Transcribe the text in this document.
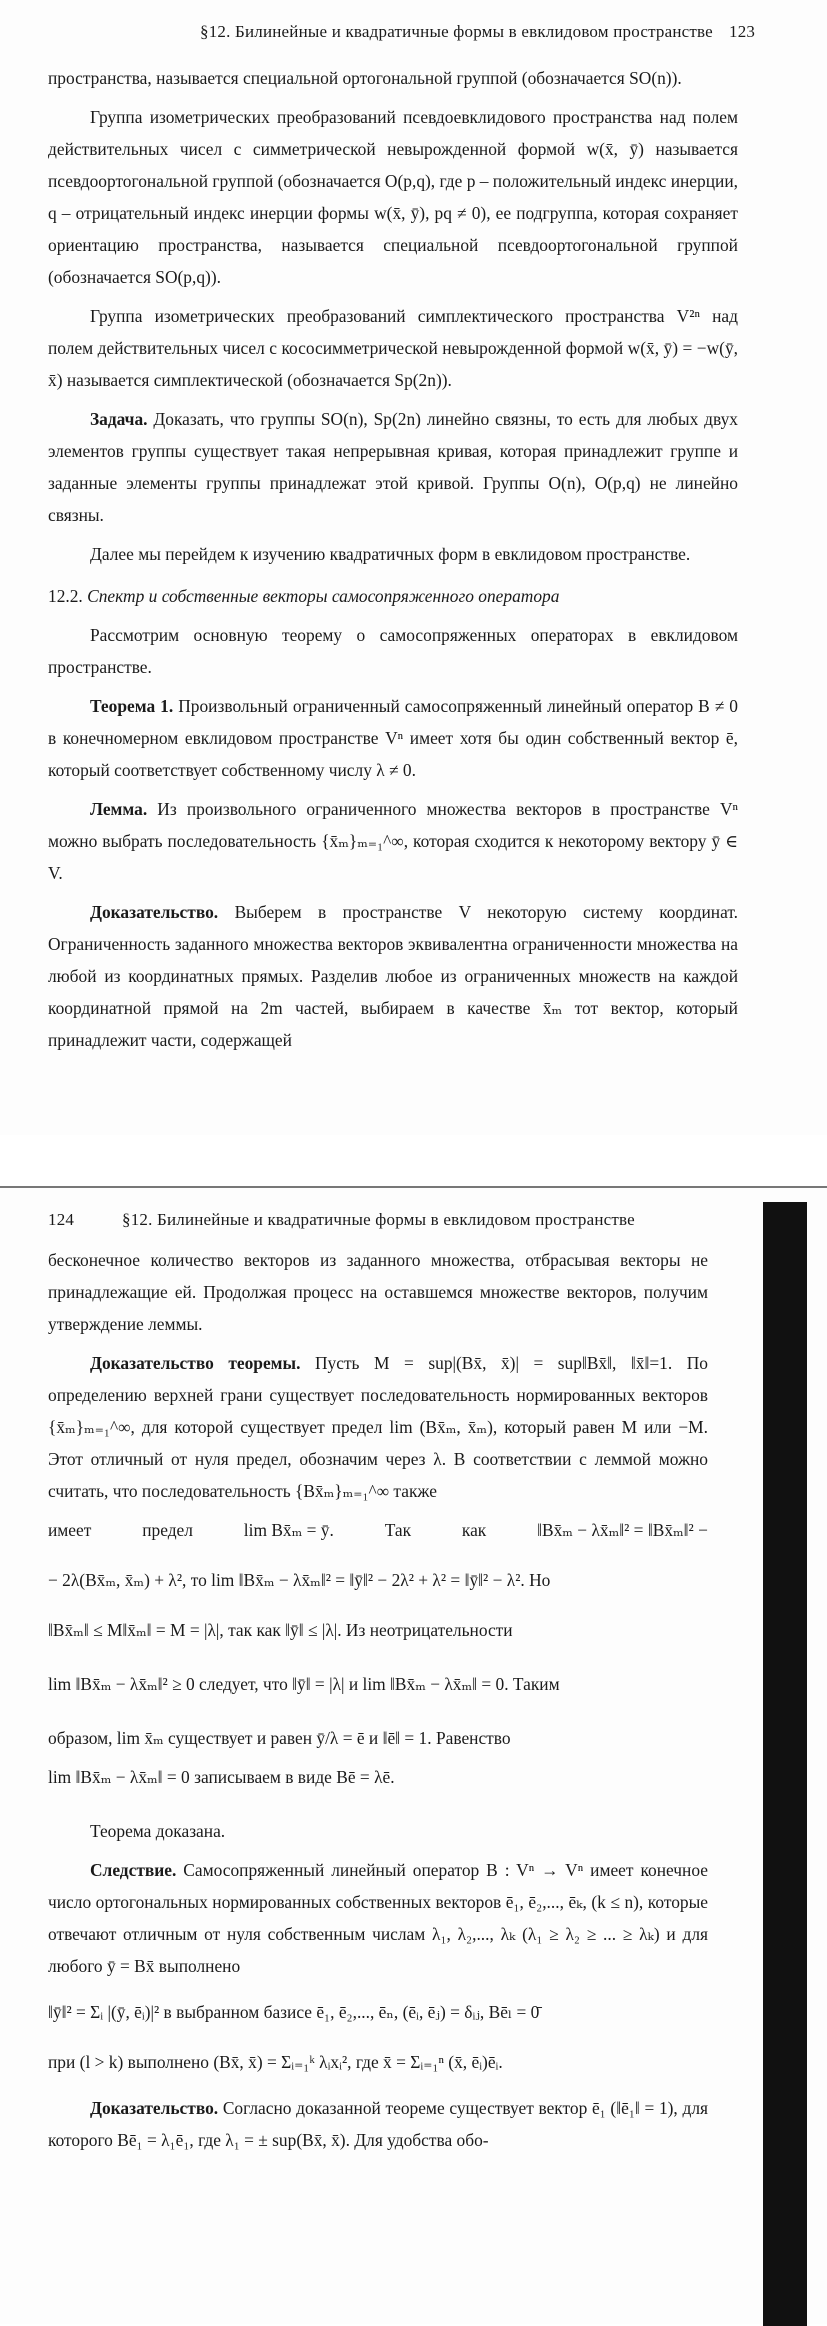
§12. Билинейные и квадратичные формы в евклидовом пространстве 123

пространства, называется специальной ортогональной группой (обозначается SO(n)).

Группа изометрических преобразований псевдоевклидового пространства над полем действительных чисел с симметрической невырожденной формой w(x̄, ȳ) называется псевдоортогональной группой (обозначается O(p,q), где p – положительный индекс инерции, q – отрицательный индекс инерции формы w(x̄, ȳ), pq ≠ 0), ее подгруппа, которая сохраняет ориентацию пространства, называется специальной псевдоортогональной группой (обозначается SO(p,q)).

Группа изометрических преобразований симплектического пространства V²ⁿ над полем действительных чисел с кососимметрической невырожденной формой w(x̄, ȳ) = −w(ȳ, x̄) называется симплектической (обозначается Sp(2n)).

Задача. Доказать, что группы SO(n), Sp(2n) линейно связны, то есть для любых двух элементов группы существует такая непрерывная кривая, которая принадлежит группе и заданные элементы группы принадлежат этой кривой. Группы O(n), O(p,q) не линейно связны.

Далее мы перейдем к изучению квадратичных форм в евклидовом пространстве.

12.2. Спектр и собственные векторы самосопряженного оператора

Рассмотрим основную теорему о самосопряженных операторах в евклидовом пространстве.

Теорема 1. Произвольный ограниченный самосопряженный линейный оператор B ≠ 0 в конечномерном евклидовом пространстве Vⁿ имеет хотя бы один собственный вектор ē, который соответствует собственному числу λ ≠ 0.

Лемма. Из произвольного ограниченного множества векторов в пространстве Vⁿ можно выбрать последовательность {x̄ₘ}ₘ₌₁^∞, которая сходится к некоторому вектору ȳ ∈ V.

Доказательство. Выберем в пространстве V некоторую систему координат. Ограниченность заданного множества векторов эквивалентна ограниченности множества на любой из координатных прямых. Разделив любое из ограниченных множеств на каждой координатной прямой на 2m частей, выбираем в качестве x̄ₘ тот вектор, который принадлежит части, содержащей

124	§12. Билинейные и квадратичные формы в евклидовом пространстве

бесконечное количество векторов из заданного множества, отбрасывая векторы не принадлежащие ей. Продолжая процесс на оставшемся множестве векторов, получим утверждение леммы.

Доказательство теоремы. Пусть M = sup|(Bx̄, x̄)| = sup‖Bx̄‖, ‖x̄‖=1. По определению верхней грани существует последовательность нормированных векторов {x̄ₘ}ₘ₌₁^∞, для которой существует предел lim (Bx̄ₘ, x̄ₘ), который равен M или −M. Этот отличный от нуля предел, обозначим через λ. В соответствии с леммой можно считать, что последовательность {Bx̄ₘ}ₘ₌₁^∞ также

имеет	предел	lim Bx̄ₘ = ȳ.	Так	как	‖Bx̄ₘ − λx̄ₘ‖² = ‖Bx̄ₘ‖² −

− 2λ(Bx̄ₘ, x̄ₘ) + λ², то lim ‖Bx̄ₘ − λx̄ₘ‖² = ‖ȳ‖² − 2λ² + λ² = ‖ȳ‖² − λ². Но

‖Bx̄ₘ‖ ≤ M‖x̄ₘ‖ = M = |λ|, так как ‖ȳ‖ ≤ |λ|. Из неотрицательности

lim ‖Bx̄ₘ − λx̄ₘ‖² ≥ 0 следует, что ‖ȳ‖ = |λ| и lim ‖Bx̄ₘ − λx̄ₘ‖ = 0. Таким

образом, lim x̄ₘ существует и равен ȳ/λ = ē и ‖ē‖ = 1. Равенство

lim ‖Bx̄ₘ − λx̄ₘ‖ = 0 записываем в виде Bē = λē.

Теорема доказана.

Следствие. Самосопряженный линейный оператор B : Vⁿ → Vⁿ имеет конечное число ортогональных нормированных собственных векторов ē₁, ē₂,..., ēₖ, (k ≤ n), которые отвечают отличным от нуля собственным числам λ₁, λ₂,..., λₖ (λ₁ ≥ λ₂ ≥ ... ≥ λₖ) и для любого ȳ = Bx̄ выполнено

‖ȳ‖² = Σᵢ |(ȳ, ēᵢ)|² в выбранном базисе ē₁, ē₂,..., ēₙ, (ēᵢ, ēⱼ) = δᵢⱼ, Bēₗ = 0̄

при (l > k) выполнено (Bx̄, x̄) = Σᵢ₌₁ᵏ λᵢxᵢ², где x̄ = Σᵢ₌₁ⁿ (x̄, ēᵢ)ēᵢ.

Доказательство. Согласно доказанной теореме существует вектор ē₁ (‖ē₁‖ = 1), для которого Bē₁ = λ₁ē₁, где λ₁ = ± sup(Bx̄, x̄). Для удобства обо-
